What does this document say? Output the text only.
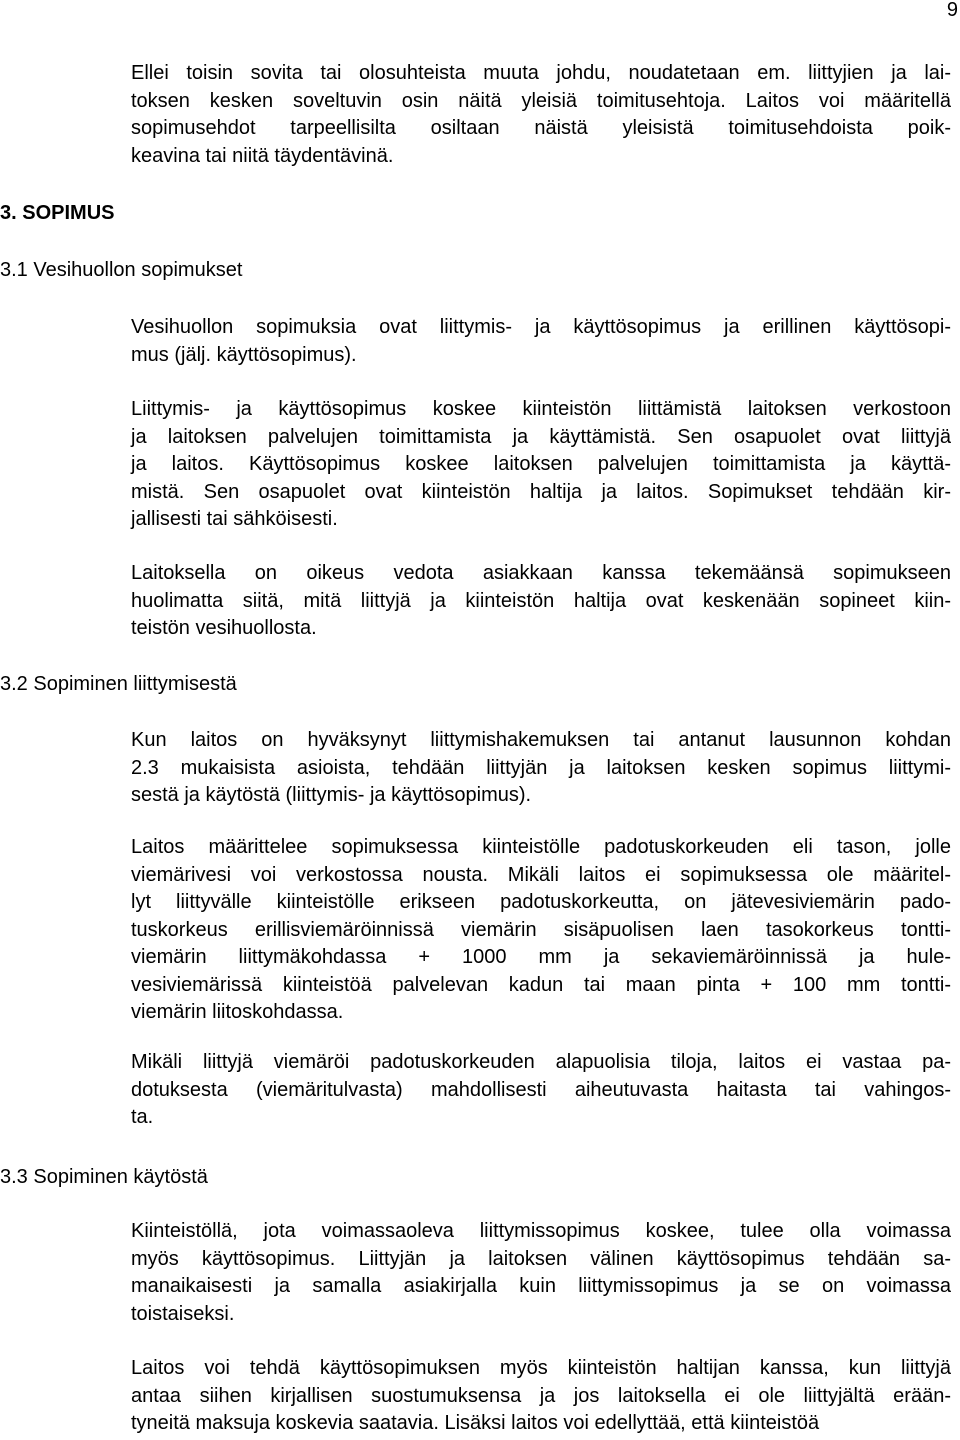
9
Ellei toisin sovita tai olosuhteista muuta johdu, noudatetaan em. liittyjien ja lai-
toksen kesken soveltuvin osin näitä yleisiä toimitusehtoja. Laitos voi määritellä
sopimusehdot tarpeellisilta osiltaan näistä yleisistä toimitusehdoista poik-
keavina tai niitä täydentävinä.
3. SOPIMUS
3.1 Vesihuollon sopimukset
Vesihuollon sopimuksia ovat liittymis- ja käyttösopimus ja erillinen käyttösopi-
mus (jälj. käyttösopimus).
Liittymis- ja käyttösopimus koskee kiinteistön liittämistä laitoksen verkostoon
ja laitoksen palvelujen toimittamista ja käyttämistä. Sen osapuolet ovat liittyjä
ja laitos. Käyttösopimus koskee laitoksen palvelujen toimittamista ja käyttä-
mistä. Sen osapuolet ovat kiinteistön haltija ja laitos. Sopimukset tehdään kir-
jallisesti tai sähköisesti.
Laitoksella on oikeus vedota asiakkaan kanssa tekemäänsä sopimukseen
huolimatta siitä, mitä liittyjä ja kiinteistön haltija ovat keskenään sopineet kiin-
teistön vesihuollosta.
3.2 Sopiminen liittymisestä
Kun laitos on hyväksynyt liittymishakemuksen tai antanut lausunnon kohdan
2.3 mukaisista asioista, tehdään liittyjän ja laitoksen kesken sopimus liittymi-
sestä ja käytöstä (liittymis- ja käyttösopimus).
Laitos määrittelee sopimuksessa kiinteistölle padotuskorkeuden eli tason, jolle
viemärivesi voi verkostossa nousta. Mikäli laitos ei sopimuksessa ole määritel-
lyt liittyvälle kiinteistölle erikseen padotuskorkeutta, on jätevesiviemärin pado-
tuskorkeus erillisviemäröinnissä viemärin sisäpuolisen laen tasokorkeus tontti-
viemärin liittymäkohdassa + 1000 mm ja sekaviemäröinnissä ja hule-
vesiviemärissä kiinteistöä palvelevan kadun tai maan pinta + 100 mm tontti-
viemärin liitoskohdassa.
Mikäli liittyjä viemäröi padotuskorkeuden alapuolisia tiloja, laitos ei vastaa pa-
dotuksesta (viemäritulvasta) mahdollisesti aiheutuvasta haitasta tai vahingos-
ta.
3.3 Sopiminen käytöstä
Kiinteistöllä, jota voimassaoleva liittymissopimus koskee, tulee olla voimassa
myös käyttösopimus. Liittyjän ja laitoksen välinen käyttösopimus tehdään sa-
manaikaisesti ja samalla asiakirjalla kuin liittymissopimus ja se on voimassa
toistaiseksi.
Laitos voi tehdä käyttösopimuksen myös kiinteistön haltijan kanssa, kun liittyjä
antaa siihen kirjallisen suostumuksensa ja jos laitoksella ei ole liittyjältä erään-
tyneitä maksuja koskevia saatavia. Lisäksi laitos voi edellyttää, että kiinteistöä
